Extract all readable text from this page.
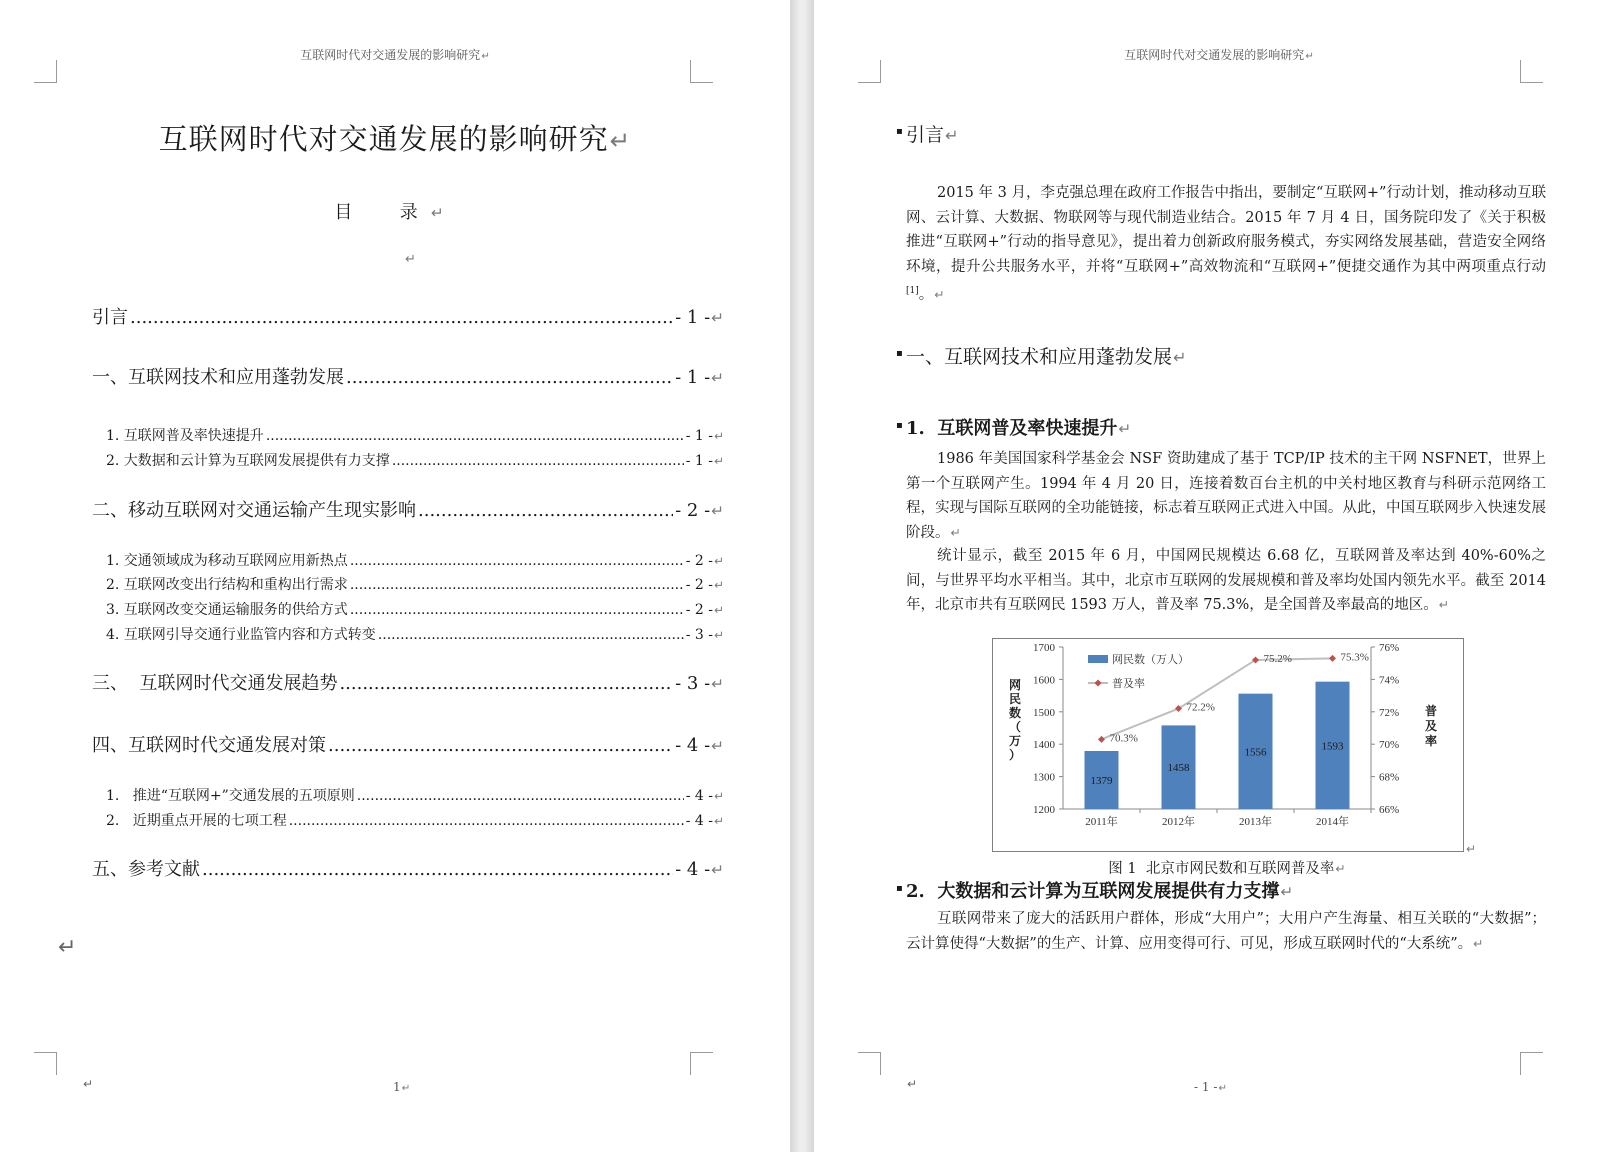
互联网时代对交通发展的影响研究↵
互联网时代对交通发展的影响研究↵
目  录↵
↵
引言 .....	- 1 - ↵
一、互联网技术和应用蓬勃发展 .....	- 1 - ↵
1. 互联网普及率快速提升 .....	- 1 - ↵
2. 大数据和云计算为互联网发展提供有力支撑 .....	- 1 - ↵
二、移动互联网对交通运输产生现实影响 .....	- 2 - ↵
1. 交通领域成为移动互联网应用新热点 .....	- 2 - ↵
2. 互联网改变出行结构和重构出行需求 .....	- 2 - ↵
3. 互联网改变交通运输服务的供给方式 .....	- 2 - ↵
4. 互联网引导交通行业监管内容和方式转变 .....	- 3 - ↵
三、  互联网时代交通发展趋势 .....	- 3 - ↵
四、互联网时代交通发展对策 .....	- 4 - ↵
1.   推进“互联网+”交通发展的五项原则 .....	- 4 - ↵
2.   近期重点开展的七项工程 .....	- 4 - ↵
五、参考文献 .....	- 4 - ↵
↵
1↵
↵
互联网时代对交通发展的影响研究↵
- 1 -↵
↵
▪ 引言↵
2015 年 3 月，李克强总理在政府工作报告中指出，要制定“互联网+”行动计划，推动移动互联网、云计算、大数据、物联网等与现代制造业结合。2015 年 7 月 4 日，国务院印发了《关于积极推进“互联网+”行动的指导意见》，提出着力创新政府服务模式，夯实网络发展基础，营造安全网络环境，提升公共服务水平，并将“互联网+”高效物流和“互联网+”便捷交通作为其中两项重点行动[1]。↵
▪ 一、互联网技术和应用蓬勃发展↵
▪ 1.  互联网普及率快速提升↵
1986 年美国国家科学基金会 NSF 资助建成了基于 TCP/IP 技术的主干网 NSFNET，世界上第一个互联网产生。1994 年 4 月 20 日，连接着数百台主机的中关村地区教育与科研示范网络工程，实现与国际互联网的全功能链接，标志着互联网正式进入中国。从此，中国互联网步入快速发展阶段。↵
统计显示，截至 2015 年 6 月，中国网民规模达 6.68 亿，互联网普及率达到 40%-60%之间，与世界平均水平相当。其中，北京市互联网的发展规模和普及率均处国内领先水平。截至 2014 年，北京市共有互联网民 1593 万人，普及率 75.3%，是全国普及率最高的地区。↵
1200
1300
1400
1500
1600
1700
66%
68%
70%
72%
74%
76%
1379
2011年
1458
2012年
1556
2013年
1593
2014年
70.3%
72.2%
75.2%	75.3%
网民数（万人）
普及率
网
民
数
（
万
）
普
及
率
↵
图 1  北京市网民数和互联网普及率↵
▪ 2.  大数据和云计算为互联网发展提供有力支撑↵
互联网带来了庞大的活跃用户群体，形成“大用户”；大用户产生海量、相互关联的“大数据”；云计算使得“大数据”的生产、计算、应用变得可行、可见，形成互联网时代的“大系统”。↵
